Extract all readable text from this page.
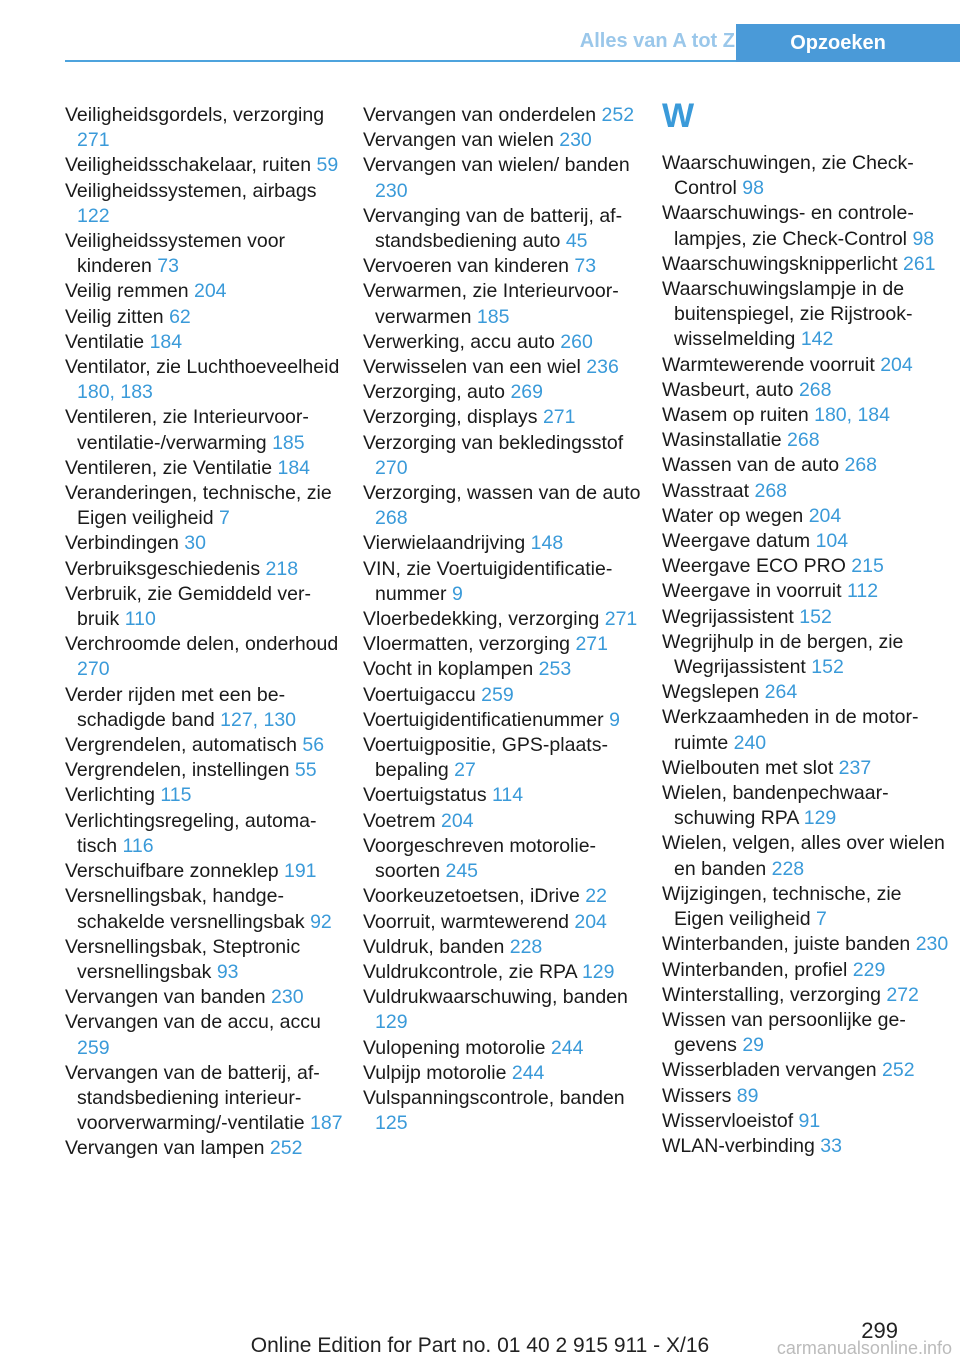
Alles van A tot Z	Opzoeken
Veiligheidsgordels, verzorging 271
Veiligheidsschakelaar, ruiten 59
Veiligheidssystemen, airbags 122
Veiligheidssystemen voor kinderen 73
Veilig remmen 204
Veilig zitten 62
Ventilatie 184
Ventilator, zie Luchthoeveelheid 180, 183
Ventileren, zie Interieurvoorventilatie-/verwarming 185
Ventileren, zie Ventilatie 184
Veranderingen, technische, zie Eigen veiligheid 7
Verbindingen 30
Verbruiksgeschiedenis 218
Verbruik, zie Gemiddeld verbruik 110
Verchroomde delen, onderhoud 270
Verder rijden met een beschadigde band 127, 130
Vergrendelen, automatisch 56
Vergrendelen, instellingen 55
Verlichting 115
Verlichtingsregeling, automatisch 116
Verschuifbare zonneklep 191
Versnellingsbak, handgeschakelde versnellingsbak 92
Versnellingsbak, Steptronic versnellingsbak 93
Vervangen van banden 230
Vervangen van de accu, accu 259
Vervangen van de batterij, afstandsbediening interieurvoorverwarming/-ventilatie 187
Vervangen van lampen 252
Vervangen van onderdelen 252
Vervangen van wielen 230
Vervangen van wielen/ banden 230
Vervanging van de batterij, afstandsbediening auto 45
Vervoeren van kinderen 73
Verwarmen, zie Interieurvoorverwarmen 185
Verwerking, accu auto 260
Verwisselen van een wiel 236
Verzorging, auto 269
Verzorging, displays 271
Verzorging van bekledingsstof 270
Verzorging, wassen van de auto 268
Vierwielaandrijving 148
VIN, zie Voertuigidentificatienummer 9
Vloerbedekking, verzorging 271
Vloermatten, verzorging 271
Vocht in koplampen 253
Voertuigaccu 259
Voertuigidentificatienummer 9
Voertuigpositie, GPS-plaatsbepaling 27
Voertuigstatus 114
Voetrem 204
Voorgeschreven motoroliesoorten 245
Voorkeuzetoetsen, iDrive 22
Voorruit, warmtewerend 204
Vuldruk, banden 228
Vuldrukcontrole, zie RPA 129
Vuldrukwaarschuwing, banden 129
Vulopening motorolie 244
Vulpijp motorolie 244
Vulspanningscontrole, banden 125
W
Waarschuwingen, zie Check-Control 98
Waarschuwings- en controlelampjes, zie Check-Control 98
Waarschuwingsknipperlicht 261
Waarschuwingslampje in de buitenspiegel, zie Rijstrookwisselmelding 142
Warmtewerende voorruit 204
Wasbeurt, auto 268
Wasem op ruiten 180, 184
Wasinstallatie 268
Wassen van de auto 268
Wasstraat 268
Water op wegen 204
Weergave datum 104
Weergave ECO PRO 215
Weergave in voorruit 112
Wegrijassistent 152
Wegrijhulp in de bergen, zie Wegrijassistent 152
Wegslepen 264
Werkzaamheden in de motorruimte 240
Wielbouten met slot 237
Wielen, bandenpechwaarschuwing RPA 129
Wielen, velgen, alles over wielen en banden 228
Wijzigingen, technische, zie Eigen veiligheid 7
Winterbanden, juiste banden 230
Winterbanden, profiel 229
Winterstalling, verzorging 272
Wissen van persoonlijke gegevens 29
Wisserbladen vervangen 252
Wissers 89
Wisservloeistof 91
WLAN-verbinding 33
299
Online Edition for Part no. 01 40 2 915 911 - X/16	carmanualsonline.info
